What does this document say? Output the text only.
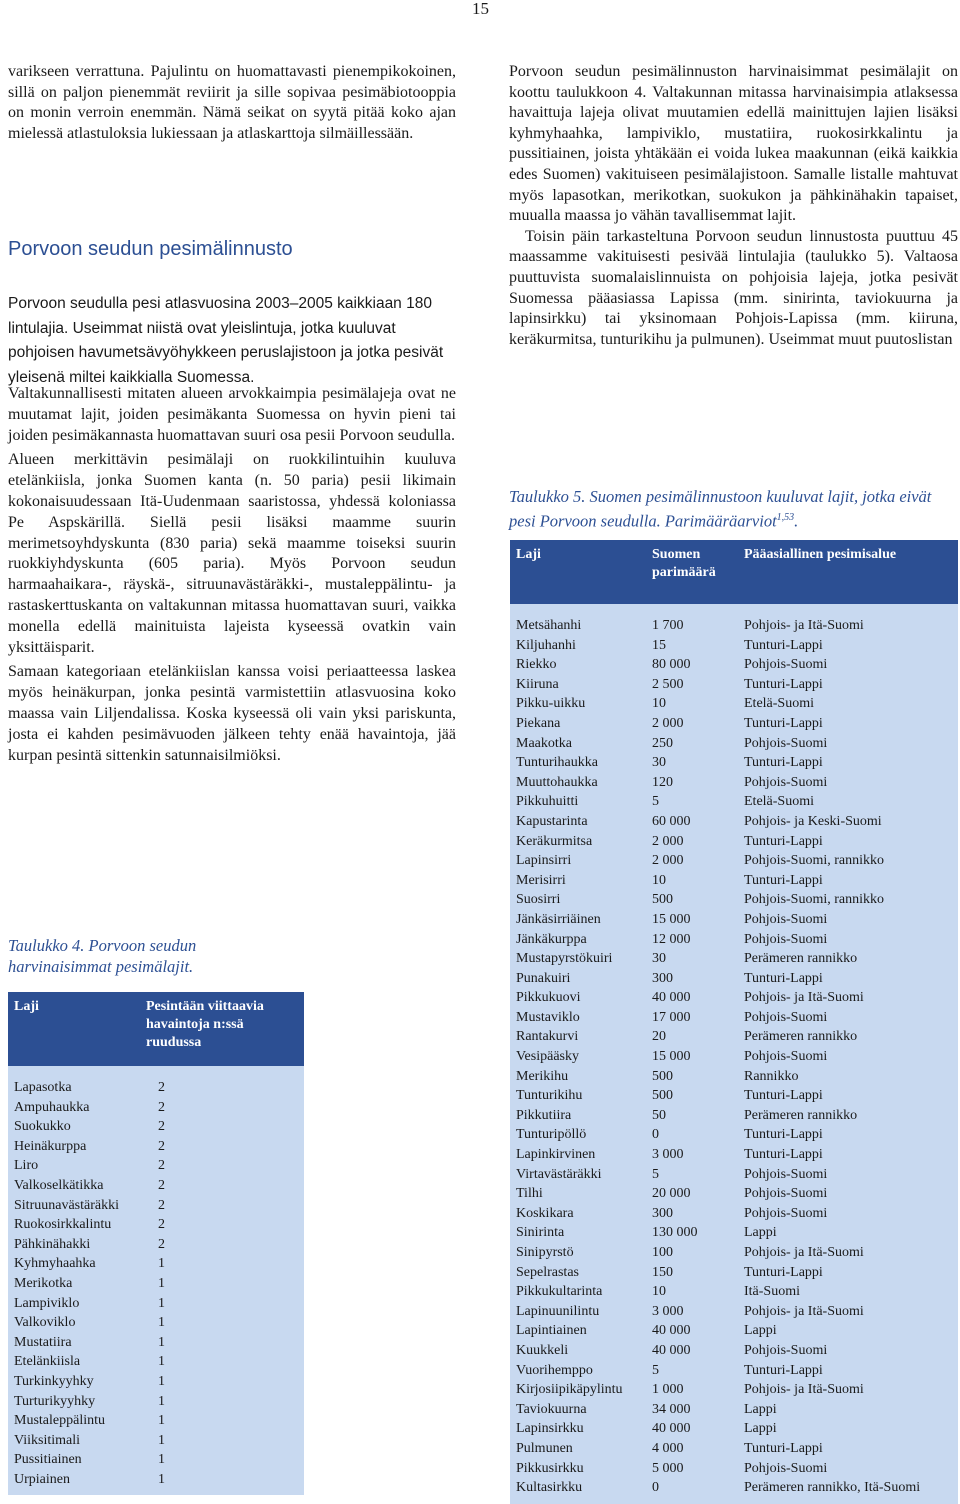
15

varikseen verrattuna. Pajulintu on huomattavasti pienempikokoinen, sillä on paljon pienemmät reviirit ja sille sopivaa pesimäbiotooppia on monin verroin enemmän. Nämä seikat on syytä pitää koko ajan mielessä atlastuloksia lukiessaan ja atlaskarttoja silmäillessään.

Porvoon seudun pesimälinnusto

Porvoon seudulla pesi atlasvuosina 2003–2005 kaikkiaan 180 lintulajia. Useimmat niistä ovat yleislintuja, jotka kuuluvat pohjoisen havumetsävyöhykkeen peruslajistoon ja jotka pesivät yleisenä miltei kaikkialla Suomessa.

Valtakunnallisesti mitaten alueen arvokkaimpia pesimälajeja ovat ne muutamat lajit, joiden pesimäkanta Suomessa on hyvin pieni tai joiden pesimäkannasta huomattavan suuri osa pesii Porvoon seudulla.

Alueen merkittävin pesimälaji on ruokkilintuihin kuuluva etelänkiisla, jonka Suomen kanta (n. 50 paria) pesii likimain kokonaisuudessaan Itä-Uudenmaan saaristossa, yhdessä koloniassa Pe Aspskärillä. Siellä pesii lisäksi maamme suurin merimetsoyhdyskunta (830 paria) sekä maamme toiseksi suurin ruokkiyhdyskunta (605 paria). Myös Porvoon seudun harmaahaikara-, räyskä-, sitruunavästäräkki-, mustaleppälintu- ja rastaskerttuskanta on valtakunnan mitassa huomattavan suuri, vaikka monella edellä mainituista lajeista kyseessä ovatkin vain yksittäisparit.

Samaan kategoriaan etelänkiislan kanssa voisi periaatteessa laskea myös heinäkurpan, jonka pesintä varmistettiin atlasvuosina koko maassa vain Liljendalissa. Koska kyseessä oli vain yksi pariskunta, josta ei kahden pesimävuoden jälkeen tehty enää havaintoja, jää kurpan pesintä sittenkin satunnaisilmiöksi.

Taulukko 4. Porvoon seudun harvinaisimmat pesimälajit.
Laji	Pesintään viittaavia havaintoja n:ssä ruudussa
Lapasotka	2
Ampuhaukka	2
Suokukko	2
Heinäkurppa	2
Liro	2
Valkoselkätikka	2
Sitruunavästäräkki	2
Ruokosirkkalintu	2
Pähkinähakki	2
Kyhmyhaahka	1
Merikotka	1
Lampiviklo	1
Valkoviklo	1
Mustatiira	1
Etelänkiisla	1
Turkinkyyhky	1
Turturikyyhky	1
Mustaleppälintu	1
Viiksitimali	1
Pussitiainen	1
Urpiainen	1

Porvoon seudun pesimälinnuston harvinaisimmat pesimälajit on koottu taulukkoon 4. Valtakunnan mitassa harvinaisimpia atlaksessa havaittuja lajeja olivat muutamien edellä mainittujen lajien lisäksi kyhmyhaahka, lampiviklo, mustatiira, ruokosirkkalintu ja pussitiainen, joista yhtäkään ei voida lukea maakunnan (eikä kaikkia edes Suomen) vakituiseen pesimälajistoon. Samalle listalle mahtuvat myös lapasotkan, merikotkan, suokukon ja pähkinähakin tapaiset, muualla maassa jo vähän tavallisemmat lajit.

Toisin päin tarkasteltuna Porvoon seudun linnustosta puuttuu 45 maassamme vakituisesti pesivää lintulajia (taulukko 5). Valtaosa puuttuvista suomalaislinnuista on pohjoisia lajeja, jotka pesivät Suomessa pääasiassa Lapissa (mm. sinirinta, taviokuurna ja lapinsirkku) tai yksinomaan Pohjois-Lapissa (mm. kiiruna, keräkurmitsa, tunturikihu ja pulmunen). Useimmat muut puutoslistan

Taulukko 5. Suomen pesimälinnustoon kuuluvat lajit, jotka eivät pesi Porvoon seudulla. Parimääräarviot$^{1,53}$.
Laji	Suomen parimäärä	Pääasiallinen pesimisalue
Metsähanhi	1 700	Pohjois- ja Itä-Suomi
Kiljuhanhi	15	Tunturi-Lappi
Riekko	80 000	Pohjois-Suomi
Kiiruna	2 500	Tunturi-Lappi
Pikku-uikku	10	Etelä-Suomi
Piekana	2 000	Tunturi-Lappi
Maakotka	250	Pohjois-Suomi
Tunturihaukka	30	Tunturi-Lappi
Muuttohaukka	120	Pohjois-Suomi
Pikkuhuitti	5	Etelä-Suomi
Kapustarinta	60 000	Pohjois- ja Keski-Suomi
Keräkurmitsa	2 000	Tunturi-Lappi
Lapinsirri	2 000	Pohjois-Suomi, rannikko
Merisirri	10	Tunturi-Lappi
Suosirri	500	Pohjois-Suomi, rannikko
Jänkäsirriäinen	15 000	Pohjois-Suomi
Jänkäkurppa	12 000	Pohjois-Suomi
Mustapyrstökuiri	30	Perämeren rannikko
Punakuiri	300	Tunturi-Lappi
Pikkukuovi	40 000	Pohjois- ja Itä-Suomi
Mustaviklo	17 000	Pohjois-Suomi
Rantakurvi	20	Perämeren rannikko
Vesipääsky	15 000	Pohjois-Suomi
Merikihu	500	Rannikko
Tunturikihu	500	Tunturi-Lappi
Pikkutiira	50	Perämeren rannikko
Tunturipöllö	0	Tunturi-Lappi
Lapinkirvinen	3 000	Tunturi-Lappi
Virtavästäräkki	5	Pohjois-Suomi
Tilhi	20 000	Pohjois-Suomi
Koskikara	300	Pohjois-Suomi
Sinirinta	130 000	Lappi
Sinipyrstö	100	Pohjois- ja Itä-Suomi
Sepelrastas	150	Tunturi-Lappi
Pikkukultarinta	10	Itä-Suomi
Lapinuunilintu	3 000	Pohjois- ja Itä-Suomi
Lapintiainen	40 000	Lappi
Kuukkeli	40 000	Pohjois-Suomi
Vuorihemppo	5	Tunturi-Lappi
Kirjosiipikäpylintu	1 000	Pohjois- ja Itä-Suomi
Taviokuurna	34 000	Lappi
Lapinsirkku	40 000	Lappi
Pulmunen	4 000	Tunturi-Lappi
Pikkusirkku	5 000	Pohjois-Suomi
Kultasirkku	0	Perämeren rannikko, Itä-Suomi
